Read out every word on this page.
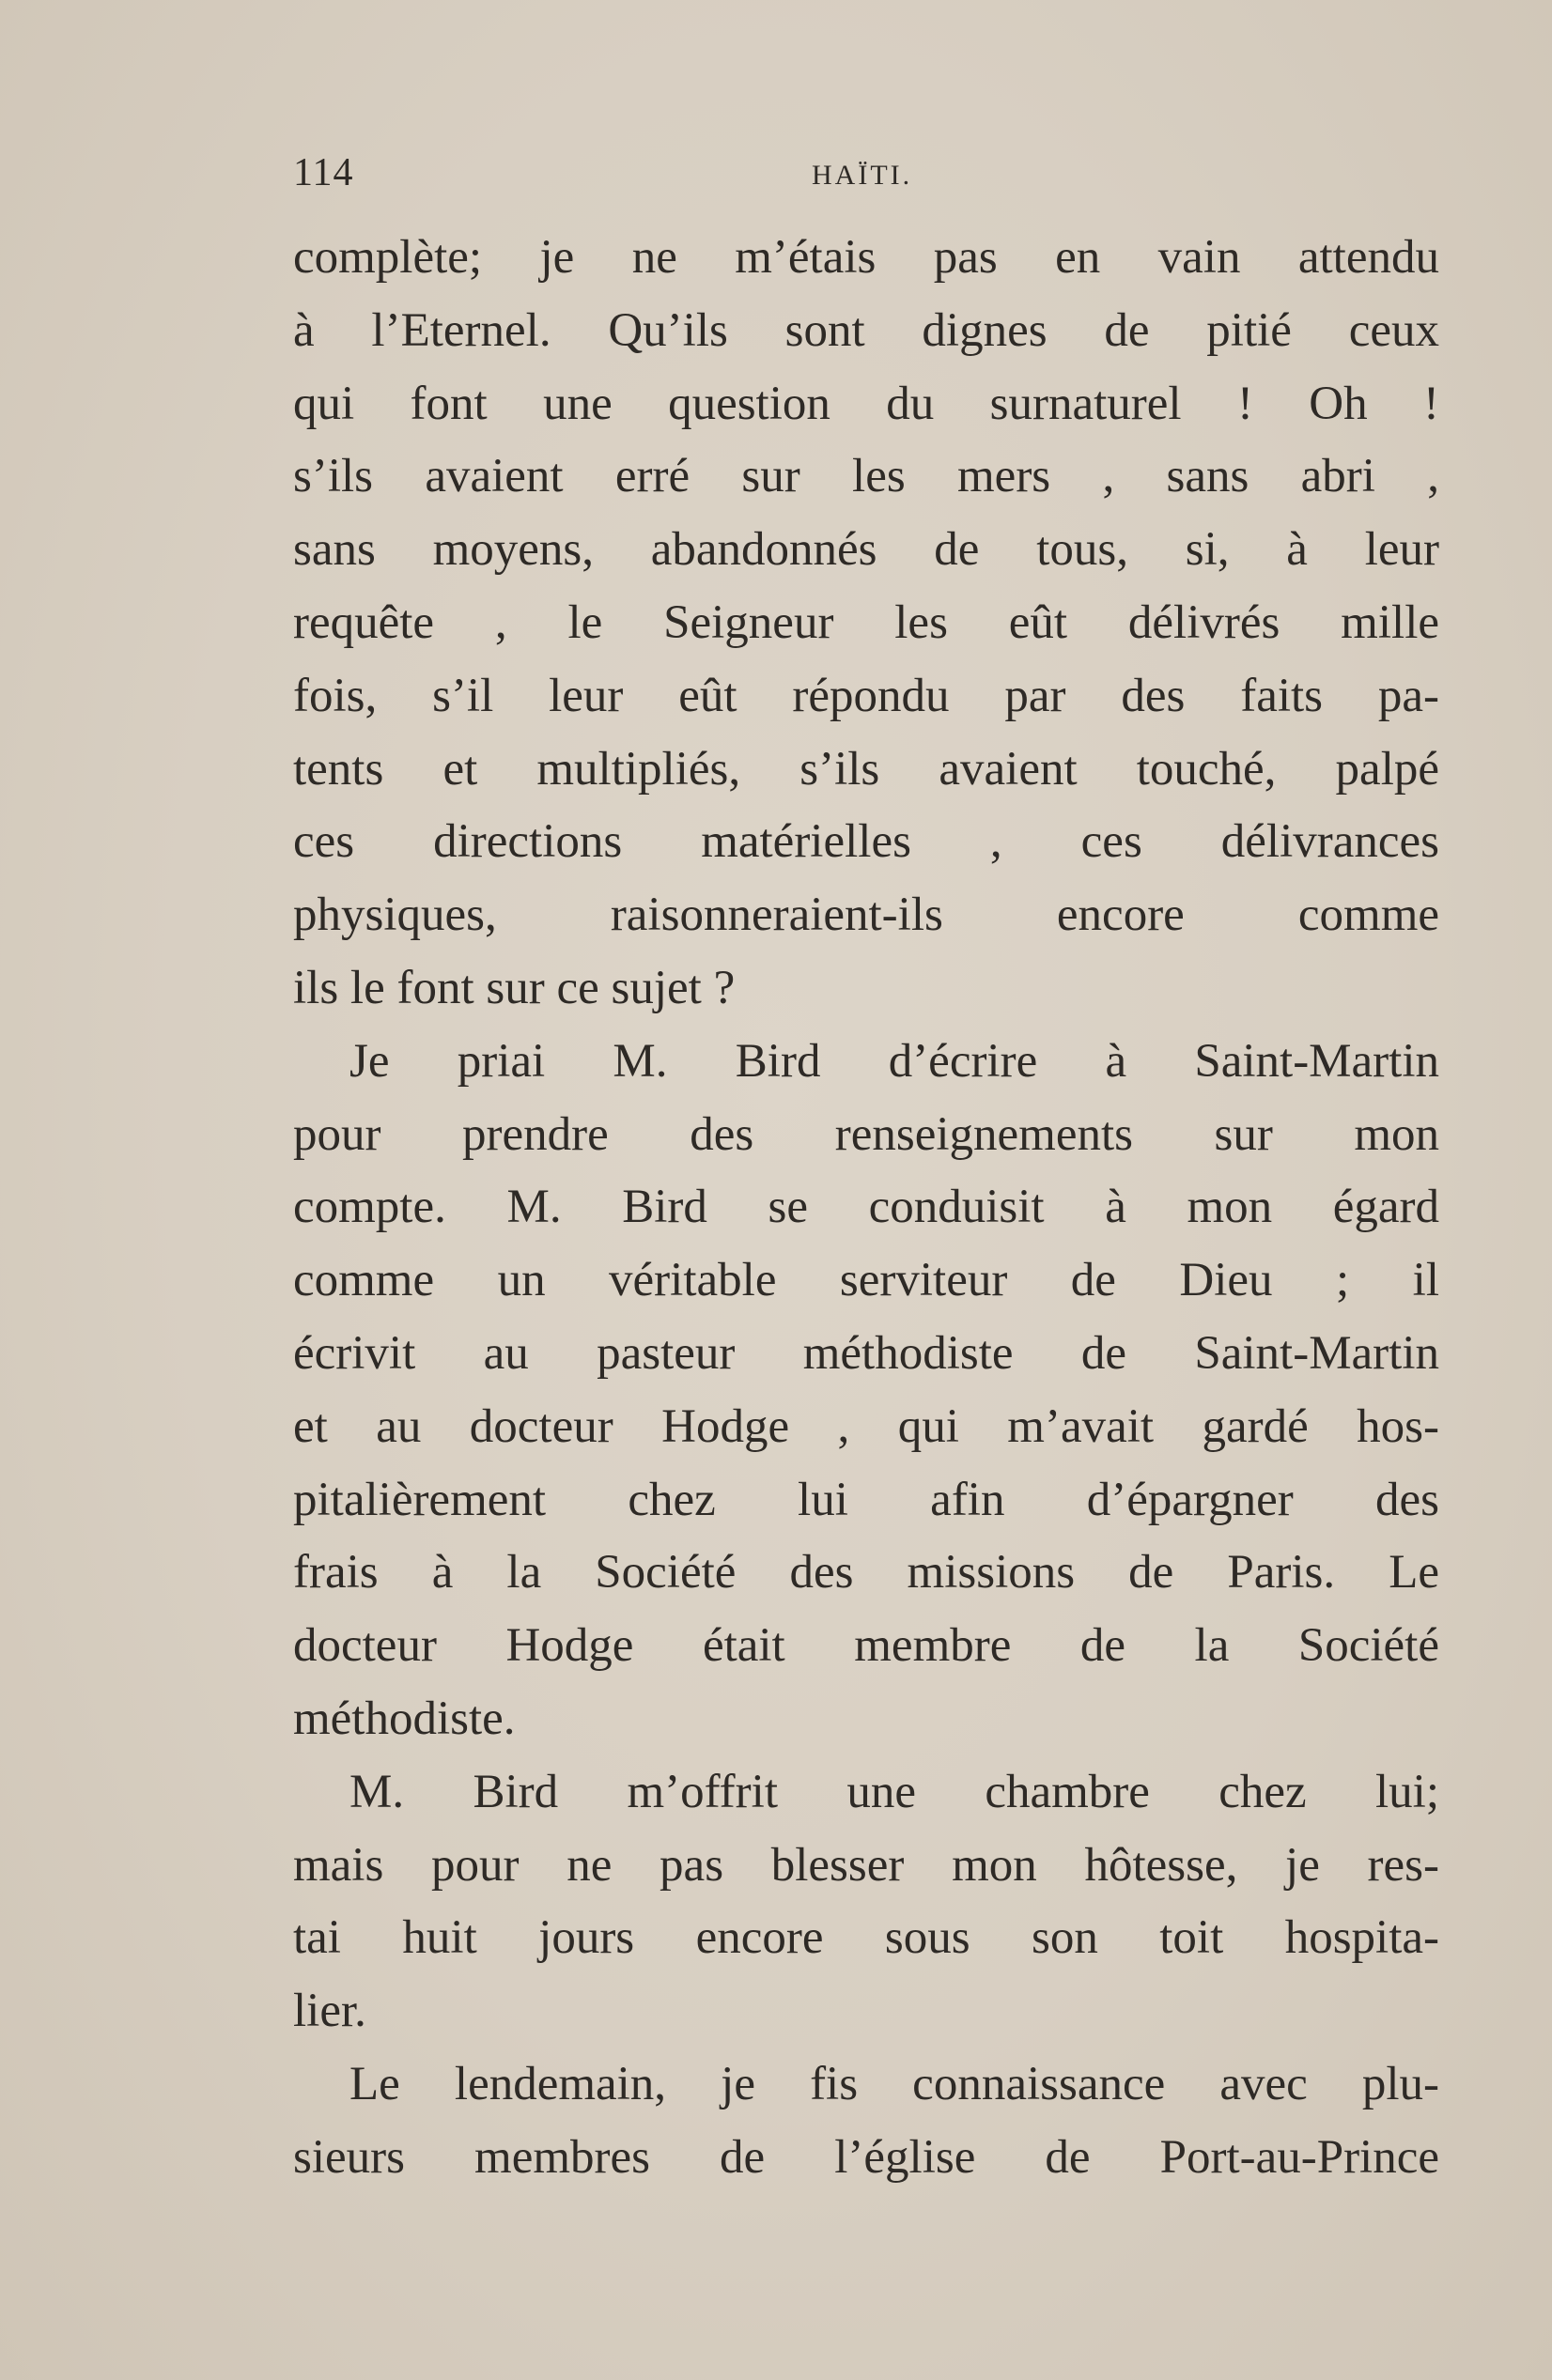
114	HAÏTI.
complète; je ne m’étais pas en vain attendu
à l’Eternel. Qu’ils sont dignes de pitié ceux
qui font une question du surnaturel ! Oh !
s’ils avaient erré sur les mers , sans abri ,
sans moyens, abandonnés de tous, si, à leur
requête , le Seigneur les eût délivrés mille
fois, s’il leur eût répondu par des faits pa-
tents et multipliés, s’ils avaient touché, palpé
ces directions matérielles , ces délivrances
physiques, raisonneraient-ils encore comme
ils le font sur ce sujet ?
Je priai M. Bird d’écrire à Saint-Martin
pour prendre des renseignements sur mon
compte. M. Bird se conduisit à mon égard
comme un véritable serviteur de Dieu ; il
écrivit au pasteur méthodiste de Saint-Martin
et au docteur Hodge , qui m’avait gardé hos-
pitalièrement chez lui afin d’épargner des
frais à la Société des missions de Paris. Le
docteur Hodge était membre de la Société
méthodiste.
M. Bird m’offrit une chambre chez lui;
mais pour ne pas blesser mon hôtesse, je res-
tai huit jours encore sous son toit hospita-
lier.
Le lendemain, je fis connaissance avec plu-
sieurs membres de l’église de Port-au-Prince
